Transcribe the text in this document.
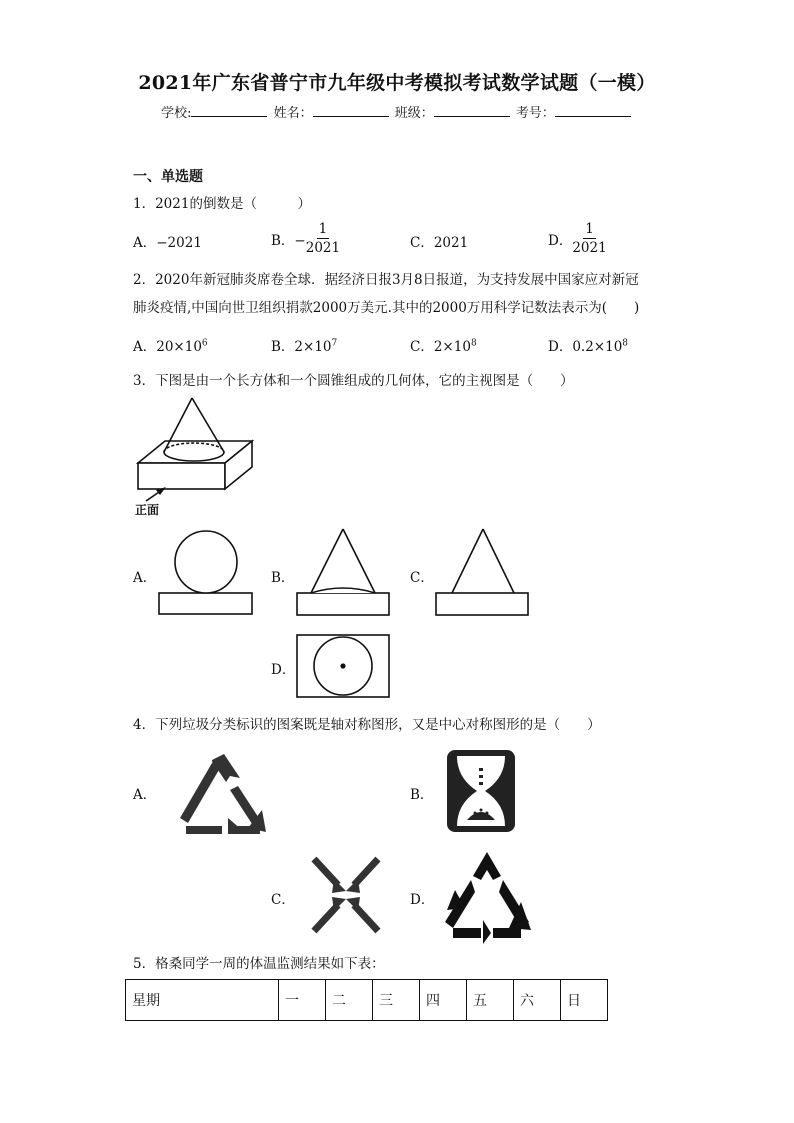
2021年广东省普宁市九年级中考模拟考试数学试题（一模）
学校:	姓名：	班级：	考号：
一、单选题
1．2021的倒数是（　　　）
A．−2021	B．− $\frac{1}{2021}$	C．2021	D． $\frac{1}{2021}$
2．2020年新冠肺炎席卷全球．据经济日报3月8日报道，为支持发展中国家应对新冠
肺炎疫情,中国向世卫组织捐款2000万美元.其中的2000万用科学记数法表示为(　　)
A．$20\times 10^6$	B．$2\times 10^7$	C．$2\times 10^8$	D．$0.2\times 10^8$
3．下图是由一个长方体和一个圆锥组成的几何体，它的主视图是（　　）
正面
A．	B．	C．
D．
4．下列垃圾分类标识的图案既是轴对称图形，又是中心对称图形的是（　　）
A．	B．
C．	D．
5．格桑同学一周的体温监测结果如下表：
星期	一	二	三	四	五	六	日
